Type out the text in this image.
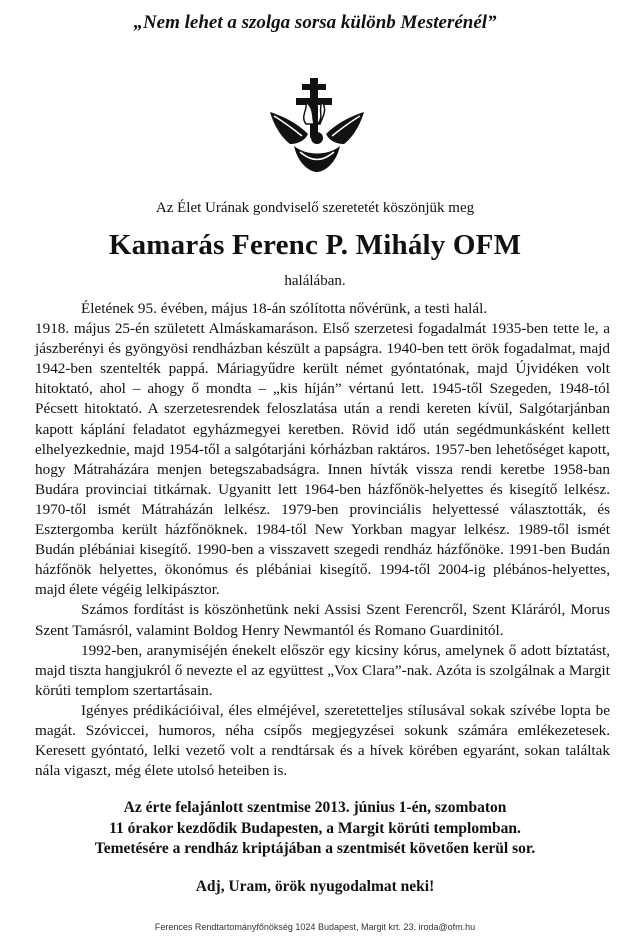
„Nem lehet a szolga sorsa különb Mesterénél”
Az Élet Urának gondviselő szeretetét köszönjük meg
Kamarás Ferenc P. Mihály OFM
halálában.

Életének 95. évében, május 18-án szólította nővérünk, a testi halál.

1918. május 25-én született Almáskamaráson. Első szerzetesi fogadalmát 1935-ben tette le, a jászberényi és gyöngyösi rendházban készült a papságra. 1940-ben tett örök fogadalmat, majd 1942-ben szentelték pappá. Máriagyűdre került német gyóntatónak, majd Újvidéken volt hitoktató, ahol – ahogy ő mondta – „kis híján” vértanú lett. 1945-től Szegeden, 1948-tól Pécsett hitoktató. A szerzetesrendek feloszlatása után a rendi kereten kívül, Salgótarjánban kapott káplání feladatot egyházmegyei keretben. Rövid idő után segédmunkásként kellett elhelyezkednie, majd 1954-től a salgótarjáni kórházban raktáros. 1957-ben lehetőséget kapott, hogy Mátraházára menjen betegszabadságra. Innen hívták vissza rendi keretbe 1958-ban Budára provinciai titkárnak. Ugyanitt lett 1964-ben házfőnök-helyettes és kisegítő lelkész. 1970-től ismét Mátraházán lelkész. 1979-ben provinciális helyettessé választották, és Esztergomba került házfőnöknek. 1984-től New Yorkban magyar lelkész. 1989-től ismét Budán plébániai kisegítő. 1990-ben a visszavett szegedi rendház házfőnöke. 1991-ben Budán házfőnök helyettes, ökonómus és plébániai kisegítő. 1994-től 2004-ig plébános-helyettes, majd élete végéig lelkipásztor.

Számos fordítást is köszönhetünk neki Assisi Szent Ferencről, Szent Kláráról, Morus Szent Tamásról, valamint Boldog Henry Newmantól és Romano Guardinitól.

1992-ben, aranymiséjén énekelt először egy kicsiny kórus, amelynek ő adott bíztatást, majd tiszta hangjukról ő nevezte el az együttest „Vox Clara”-nak. Azóta is szolgálnak a Margit körúti templom szertartásain.

Igényes prédikációival, éles elméjével, szeretetteljes stílusával sokak szívébe lopta be magát. Szóviccei, humoros, néha csípős megjegyzései sokunk számára emlékezetesek. Keresett gyóntató, lelki vezető volt a rendtársak és a hívek körében egyaránt, sokan találtak nála vigaszt, még élete utolsó heteiben is.

Az érte felajánlott szentmise 2013. június 1-én, szombaton
11 órakor kezdődik Budapesten, a Margit körúti templomban.
Temetésére a rendház kriptájában a szentmisét követően kerül sor.
Adj, Uram, örök nyugodalmat neki!
Ferences Rendtartományfőnökség 1024 Budapest, Margit krt. 23. iroda@ofm.hu
